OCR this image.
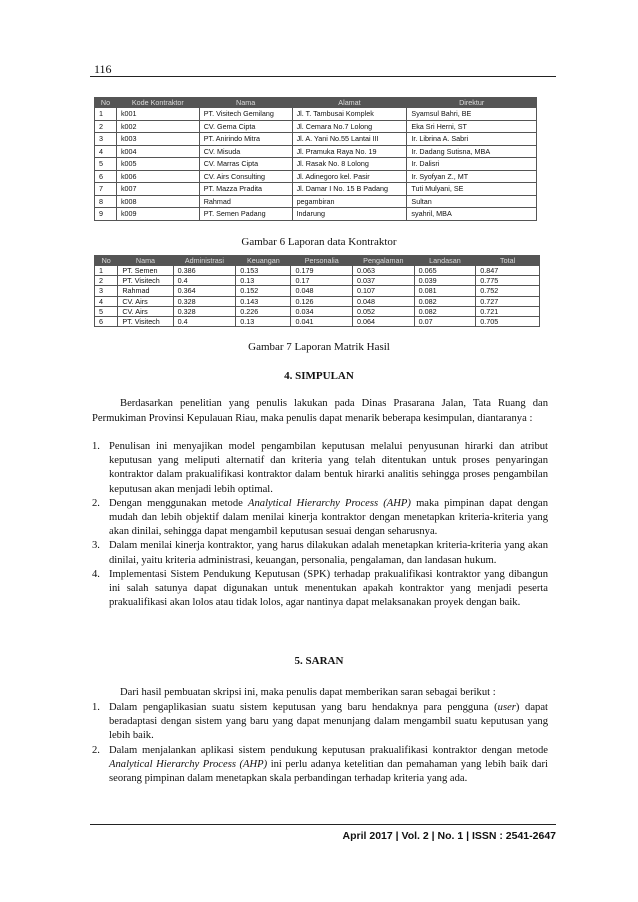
116
No	Kode Kontraktor	Nama	Alamat	Direktur
1	k001	PT. Visitech Gemilang	Jl. T. Tambusai Komplek	Syamsul Bahri, BE
2	k002	CV. Gema Cipta	Jl. Cemara No.7 Lolong	Eka Sri Herni, ST
3	k003	PT. Anirindo Mitra	Jl. A. Yani No.55 Lantai III	Ir. Librina A. Sabri
4	k004	CV. Misuda	Jl. Pramuka Raya No. 19	Ir. Dadang Sutisna, MBA
5	k005	CV. Marras Cipta	Jl. Rasak No. 8 Lolong	Ir. Dalisri
6	k006	CV. Airs Consulting	Jl. Adinegoro kel. Pasir	Ir. Syofyan Z., MT
7	k007	PT. Mazza Pradita	Jl. Damar I No. 15 B Padang	Tuti Mulyani, SE
8	k008	Rahmad	pegambiran	Sultan
9	k009	PT. Semen Padang	Indarung	syahril, MBA
Gambar 6 Laporan data Kontraktor
No	Nama	Administrasi	Keuangan	Personalia	Pengalaman	Landasan	Total
1	PT. Semen	0.386	0.153	0.179	0.063	0.065	0.847
2	PT. Visitech	0.4	0.13	0.17	0.037	0.039	0.775
3	Rahmad	0.364	0.152	0.048	0.107	0.081	0.752
4	CV. Airs	0.328	0.143	0.126	0.048	0.082	0.727
5	CV. Airs	0.328	0.226	0.034	0.052	0.082	0.721
6	PT. Visitech	0.4	0.13	0.041	0.064	0.07	0.705
Gambar 7 Laporan Matrik Hasil
4. SIMPULAN
Berdasarkan penelitian yang penulis lakukan pada Dinas Prasarana Jalan, Tata Ruang dan Permukiman Provinsi Kepulauan Riau, maka penulis dapat menarik beberapa kesimpulan, diantaranya :
1. Penulisan ini menyajikan model pengambilan keputusan melalui penyusunan hirarki dan atribut keputusan yang meliputi alternatif dan kriteria yang telah ditentukan untuk proses penyaringan kontraktor dalam prakualifikasi kontraktor dalam bentuk hirarki analitis sehingga proses pengambilan keputusan akan menjadi lebih optimal.
2. Dengan menggunakan metode Analytical Hierarchy Process (AHP) maka pimpinan dapat dengan mudah dan lebih objektif dalam menilai kinerja kontraktor dengan menetapkan kriteria-kriteria yang akan dinilai, sehingga dapat mengambil keputusan sesuai dengan seharusnya.
3. Dalam menilai kinerja kontraktor, yang harus dilakukan adalah menetapkan kriteria-kriteria yang akan dinilai, yaitu kriteria administrasi, keuangan, personalia, pengalaman, dan landasan hukum.
4. Implementasi Sistem Pendukung Keputusan (SPK) terhadap prakualifikasi kontraktor yang dibangun ini salah satunya dapat digunakan untuk menentukan apakah kontraktor yang menjadi peserta prakualifikasi akan lolos atau tidak lolos, agar nantinya dapat melaksanakan proyek dengan baik.
5. SARAN
Dari hasil pembuatan skripsi ini, maka penulis dapat memberikan saran sebagai berikut :
1. Dalam pengaplikasian suatu sistem keputusan yang baru hendaknya para pengguna (user) dapat beradaptasi dengan sistem yang baru yang dapat menunjang dalam mengambil suatu keputusan yang lebih baik.
2. Dalam menjalankan aplikasi sistem pendukung keputusan prakualifikasi kontraktor dengan metode Analytical Hierarchy Process (AHP) ini perlu adanya ketelitian dan pemahaman yang lebih baik dari seorang pimpinan dalam menetapkan skala perbandingan terhadap kriteria yang ada.
April 2017 | Vol. 2 | No. 1 | ISSN : 2541-2647
